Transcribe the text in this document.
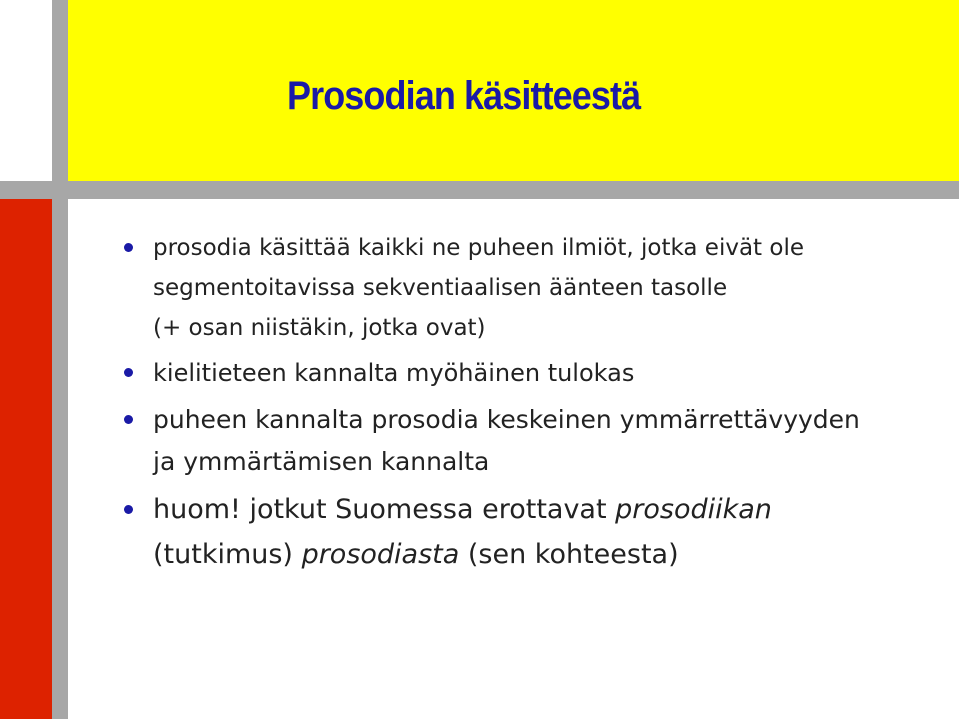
Prosodian käsitteestä
prosodia käsittää kaikki ne puheen ilmiöt, jotka eivät ole
segmentoitavissa sekventiaalisen äänteen tasolle
(+ osan niistäkin, jotka ovat)
kielitieteen kannalta myöhäinen tulokas
puheen kannalta prosodia keskeinen ymmärrettävyyden
ja ymmärtämisen kannalta
huom! jotkut Suomessa erottavat prosodiikan
(tutkimus) prosodiasta (sen kohteesta)
